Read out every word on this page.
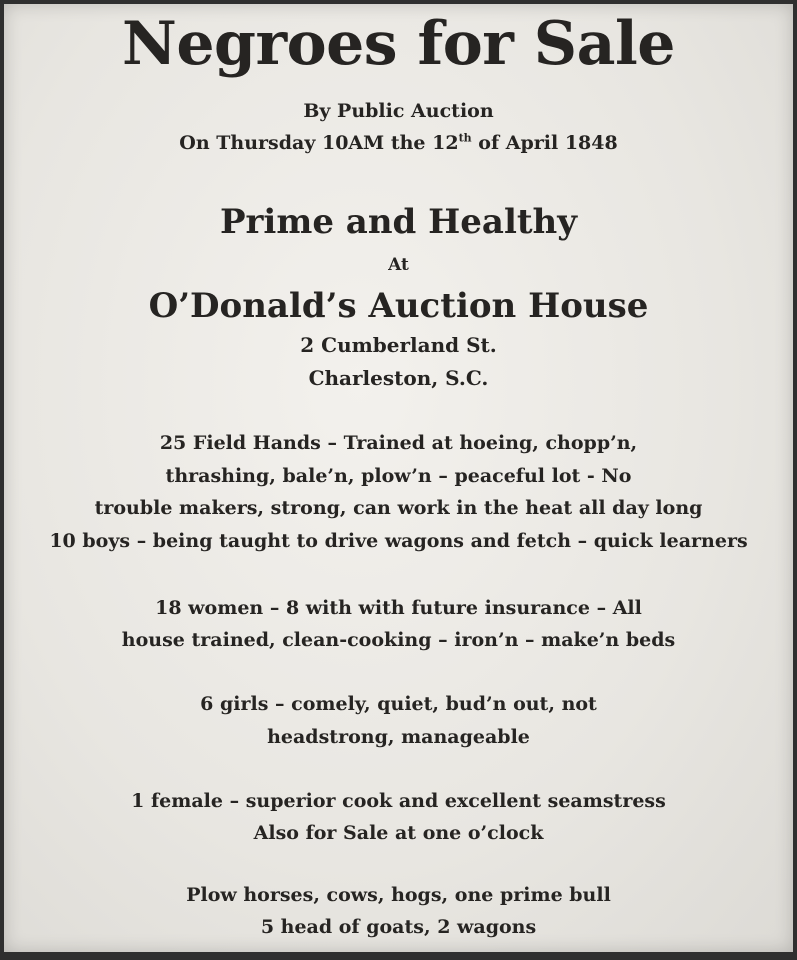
Negroes for Sale
By Public Auction
On Thursday 10AM the 12th of April 1848
Prime and Healthy
At
O’Donald’s Auction House
2 Cumberland St.
Charleston, S.C.
25 Field Hands – Trained at hoeing, chopp’n,
thrashing, bale’n, plow’n – peaceful lot - No
trouble makers, strong, can work in the heat all day long
10 boys – being taught to drive wagons and fetch – quick learners
18 women – 8 with with future insurance – All
house trained, clean-cooking – iron’n – make’n beds
6 girls – comely, quiet, bud’n out, not
headstrong, manageable
1 female – superior cook and excellent seamstress
Also for Sale at one o’clock
Plow horses, cows, hogs, one prime bull
5 head of goats, 2 wagons
